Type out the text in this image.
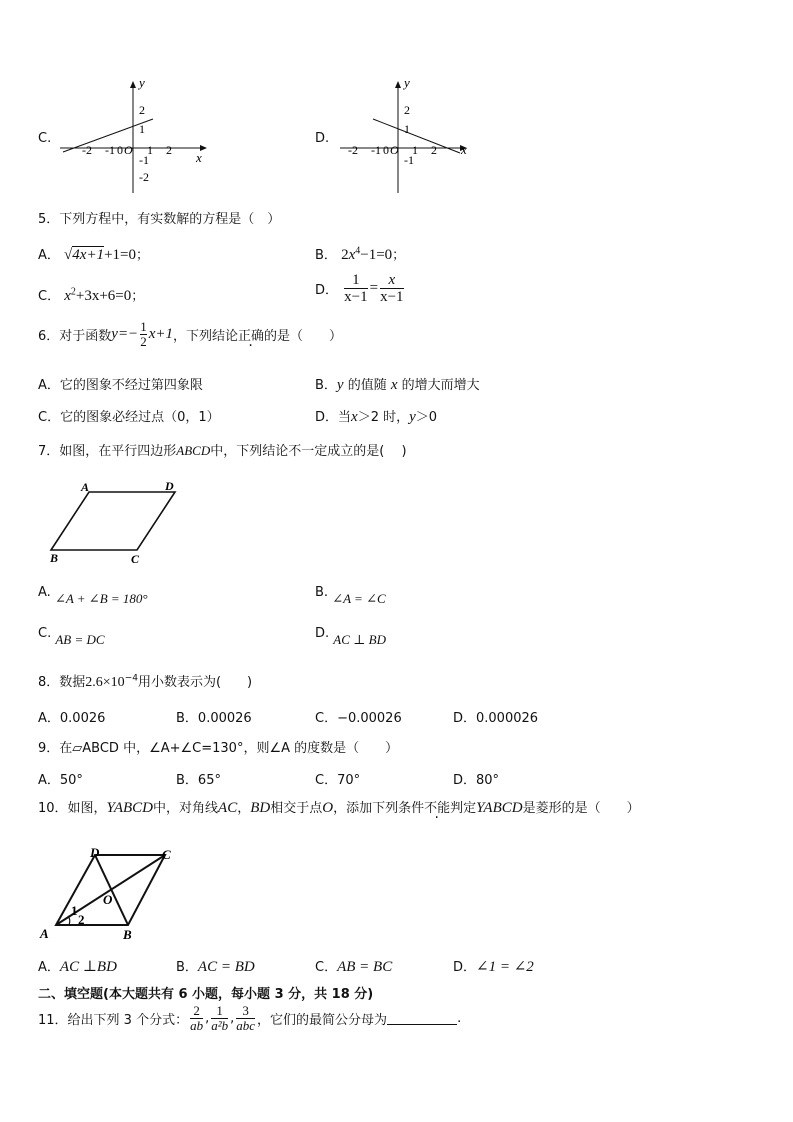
C.
y
x
2
1
-1
-2
-2 -1 0 O 1 2
D.
y
x
2
1
-1
-2 -1 0 O 1 2
5．下列方程中，有实数解的方程是（　）
A． √4x+1+1=0；	B． $2x^4-1=0$；
C． $x^2+3x+6=0$；	D． $\frac{1}{x-1} = \frac{x}{x-1}$
6．对于函数$y=- \frac{1}{2} x+1$，下列结论正确的是（　　）
A．它的图象不经过第四象限	B．y 的值随 x 的增大而增大
C．它的图象必经过点（0，1）	D．当x＞2 时，y＞0
7．如图，在平行四边形ABCD中，下列结论不一定成立的是(　 )
A	D
B	C
A. ∠A + ∠B = 180°	B. ∠A = ∠C
C. AB = DC	D. AC ⊥ BD
8．数据$2.6\times 10^{-4}$用小数表示为(　　)
A．0.0026	B．0.00026	C．−0.00026	D．0.000026
9．在▱ABCD 中，∠A+∠C=130°，则∠A 的度数是（　　）
A．50°	B．65°	C．70°	D．80°
10．如图，YABCD中，对角线AC，BD相交于点O，添加下列条件不能判定YABCD是菱形的是（　　）
A	B
C
D
O
1
2
A．AC ⊥BD	B．AC = BD	C．AB = BC	D．∠1 = ∠2
二、填空题(本大题共有 6 小题，每小题 3 分，共 18 分)
11．给出下列 3 个分式： $\frac{2}{ab}$ , $\frac{1}{\text{a²b}}$ , $\frac{3}{\text{abc}}$ ，它们的最简公分母为	.
